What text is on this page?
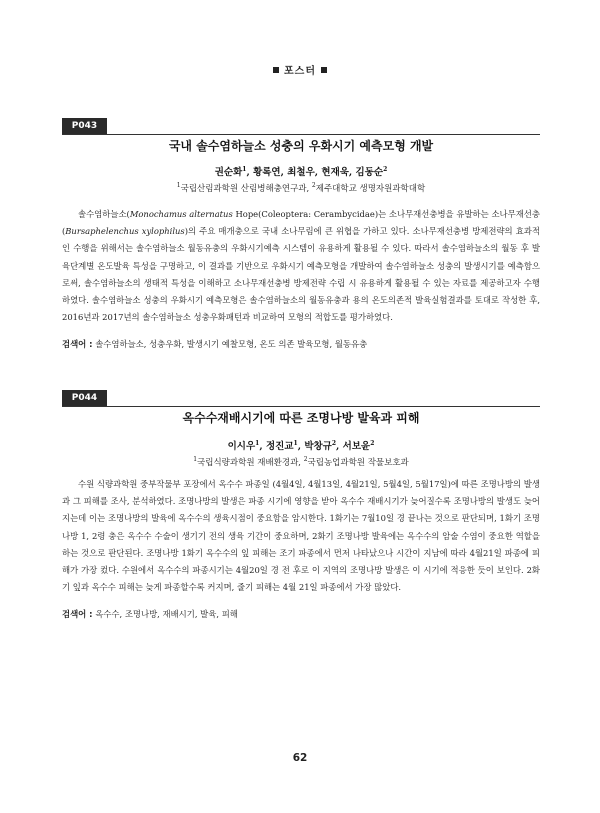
포스터
P043
국내 솔수염하늘소 성충의 우화시기 예측모형 개발
권순화$^1$, 황록연, 최철우, 현재욱, 김동순$^2$
$^1$국립산림과학원 산림병해충연구과, $^2$제주대학교 생명자원과학대학

솔수염하늘소(Monochamus alternatus Hope(Coleoptera: Cerambycidae)는 소나무재선충병을 유발하는 소나무재선충(Bursaphelenchus xylophilus)의 주요 매개충으로 국내 소나무림에 큰 위협을 가하고 있다. 소나무재선충병 방제전략의 효과적인 수행을 위해서는 솔수염하늘소 월동유충의 우화시기예측 시스템이 유용하게 활용될 수 있다. 따라서 솔수염하늘소의 월동 후 발육단계별 온도발육 특성을 구명하고, 이 결과를 기반으로 우화시기 예측모형을 개발하여 솔수염하늘소 성충의 발생시기를 예측함으로써, 솔수염하늘소의 생태적 특성을 이해하고 소나무재선충병 방제전략 수립 시 유용하게 활용될 수 있는 자료를 제공하고자 수행하였다. 솔수염하늘소 성충의 우화시기 예측모형은 솔수염하늘소의 월동유충과 용의 온도의존적 발육실험결과를 토대로 작성한 후, 2016년과 2017년의 솔수염하늘소 성충우화패턴과 비교하여 모형의 적합도를 평가하였다.

검색어 : 솔수염하늘소, 성충우화, 발생시기 예찰모형, 온도 의존 발육모형, 월동유충

P044
옥수수재배시기에 따른 조명나방 발육과 피해
이시우$^1$, 정진교$^1$, 박창규$^2$, 서보윤$^2$
$^1$국립식량과학원 재배환경과, $^2$국립농업과학원 작물보호과

수원 식량과학원 중부작물부 포장에서 옥수수 파종일 (4월4일, 4월13일, 4월21일, 5월4일, 5월17일)에 따른 조명나방의 발생과 그 피해를 조사, 분석하였다. 조명나방의 발생은 파종 시기에 영향을 받아 옥수수 재배시기가 늦어질수록 조명나방의 발생도 늦어지는데 이는 조명나방의 발육에 옥수수의 생육시점이 중요함을 암시한다. 1화기는 7월10일 경 끝나는 것으로 판단되며, 1화기 조명나방 1, 2령 충은 옥수수 수술이 생기기 전의 생육 기간이 중요하며, 2화기 조명나방 발육에는 옥수수의 암술 수염이 중요한 역할을 하는 것으로 판단된다. 조명나방 1화기 옥수수의 잎 피해는 조기 파종에서 먼저 나타났으나 시간이 지남에 따라 4월21일 파종에 피해가 가장 컸다. 수원에서 옥수수의 파종시기는 4월20일 경 전 후로 이 지역의 조명나방 발생은 이 시기에 적응한 듯이 보인다. 2화기 잎과 옥수수 피해는 늦게 파종할수록 커지며, 줄기 피해는 4월 21일 파종에서 가장 많았다.

검색어 : 옥수수, 조명나방, 재배시기, 발육, 피해

62
